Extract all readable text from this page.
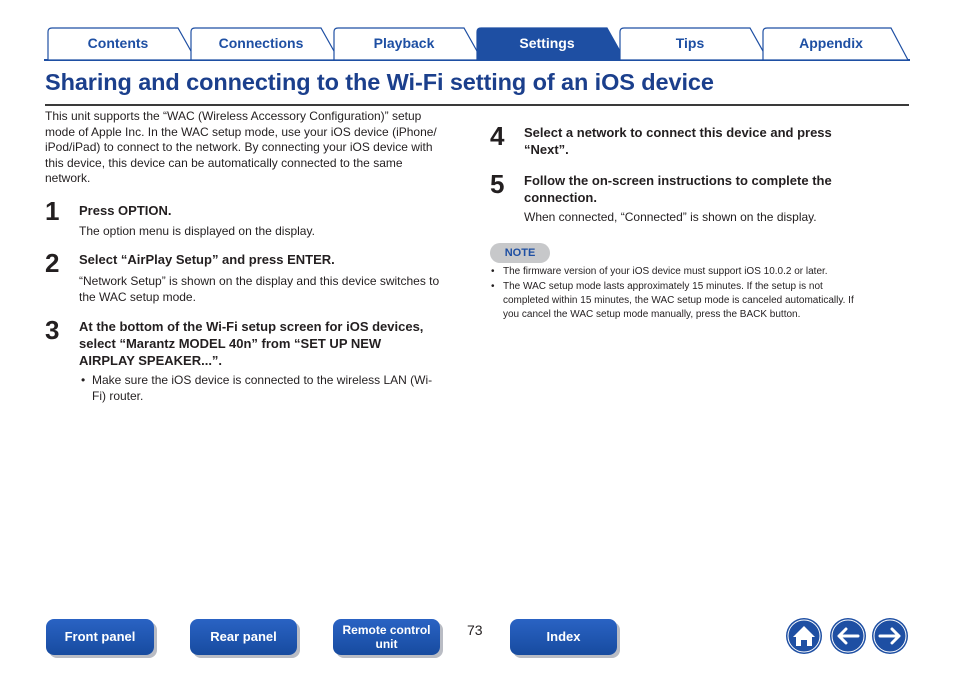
Contents	Connections	Playback	Settings	Tips	Appendix
Sharing and connecting to the Wi-Fi setting of an iOS device
This unit supports the “WAC (Wireless Accessory Configuration)” setup
mode of Apple Inc. In the WAC setup mode, use your iOS device (iPhone/
iPod/iPad) to connect to the network. By connecting your iOS device with
this device, this device can be automatically connected to the same
network.
1 Press OPTION.
The option menu is displayed on the display.
2 Select “AirPlay Setup” and press ENTER.
“Network Setup” is shown on the display and this device switches to
the WAC setup mode.
3 At the bottom of the Wi-Fi setup screen for iOS devices,
select “Marantz MODEL 40n” from “SET UP NEW
AIRPLAY SPEAKER...”.
• Make sure the iOS device is connected to the wireless LAN (Wi-
Fi) router.
4 Select a network to connect this device and press
“Next”.
5 Follow the on-screen instructions to complete the
connection.
When connected, “Connected” is shown on the display.
NOTE
• The firmware version of your iOS device must support iOS 10.0.2 or later.
• The WAC setup mode lasts approximately 15 minutes. If the setup is not
completed within 15 minutes, the WAC setup mode is canceled automatically. If
you cancel the WAC setup mode manually, press the BACK button.
Front panel	Rear panel	Remote control
unit
73	Index
